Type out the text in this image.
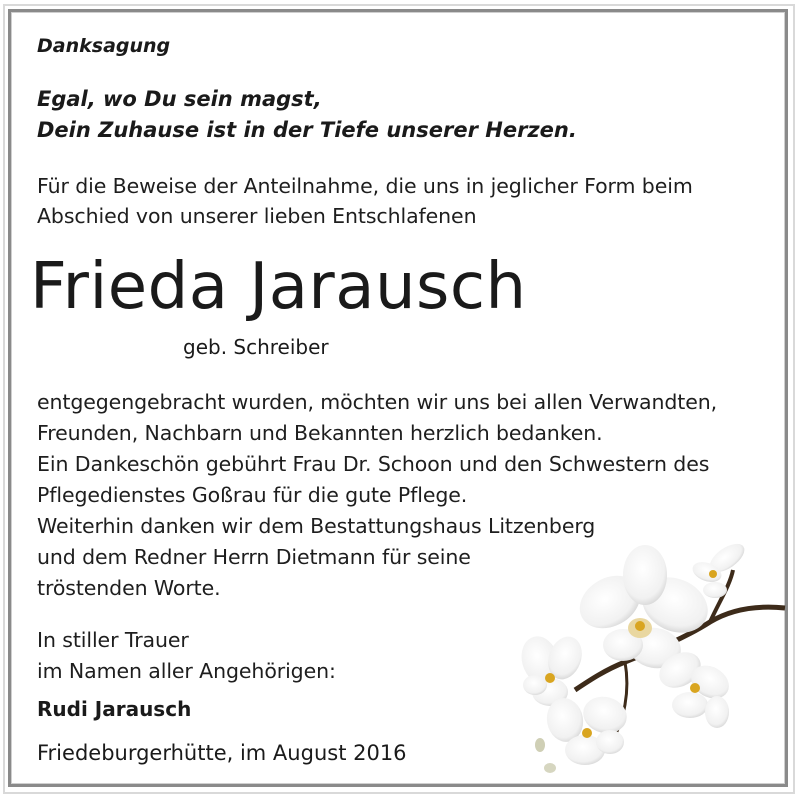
Danksagung
Egal, wo Du sein magst,
Dein Zuhause ist in der Tiefe unserer Herzen.
Für die Beweise der Anteilnahme, die uns in jeglicher Form beim
Abschied von unserer lieben Entschlafenen
Frieda Jarausch
geb. Schreiber
entgegengebracht wurden, möchten wir uns bei allen Verwandten,
Freunden, Nachbarn und Bekannten herzlich bedanken.
Ein Dankeschön gebührt Frau Dr. Schoon und den Schwestern des
Pflegedienstes Goßrau für die gute Pflege.
Weiterhin danken wir dem Bestattungshaus Litzenberg
und dem Redner Herrn Dietmann für seine
tröstenden Worte.
In stiller Trauer
im Namen aller Angehörigen:
Rudi Jarausch
Friedeburgerhütte, im August 2016
